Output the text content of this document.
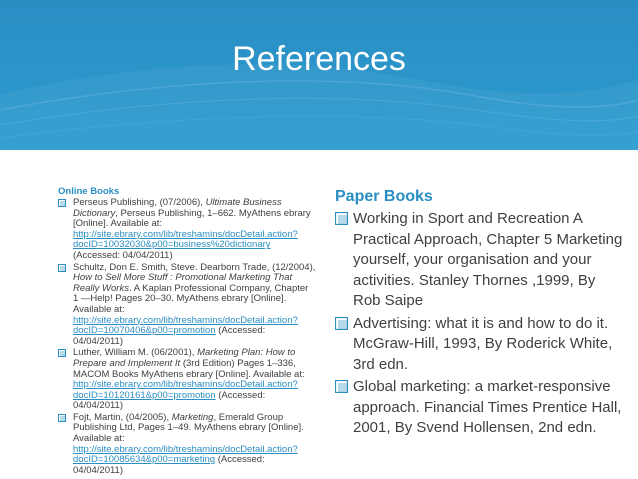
References
Online Books
Perseus Publishing, (07/2006), Ultimate Business Dictionary, Perseus Publishing, 1–662. MyAthens ebrary [Online]. Available at: http://site.ebrary.com/lib/treshamins/docDetail.action?docID=10032030&p00=business%20dictionary (Accessed: 04/04/2011)
Schultz, Don E. Smith, Steve. Dearborn Trade, (12/2004), How to Sell More Stuff : Promotional Marketing That Really Works. A Kaplan Professional Company, Chapter 1 —Help! Pages 20–30. MyAthens ebrary [Online]. Available at: http://site.ebrary.com/lib/treshamins/docDetail.action?docID=10070406&p00=promotion (Accessed: 04/04/2011)
Luther, William M. (06/2001), Marketing Plan: How to Prepare and Implement It (3rd Edition) Pages 1–336, MACOM Books MyAthens ebrary [Online]. Available at: http://site.ebrary.com/lib/treshamins/docDetail.action?docID=10120161&p00=promotion (Accessed: 04/04/2011)
Fojt, Martin, (04/2005), Marketing, Emerald Group Publishing Ltd, Pages 1–49. MyAthens ebrary [Online]. Available at: http://site.ebrary.com/lib/treshamins/docDetail.action?docID=10085634&p00=marketing (Accessed: 04/04/2011)
Paper Books
Working in Sport and Recreation A Practical Approach, Chapter 5 Marketing yourself, your organisation and your activities. Stanley Thornes ,1999, By Rob Saipe
Advertising: what it is and how to do it. McGraw-Hill, 1993, By Roderick White, 3rd edn.
Global marketing: a market-responsive approach. Financial Times Prentice Hall, 2001, By Svend Hollensen, 2nd edn.
